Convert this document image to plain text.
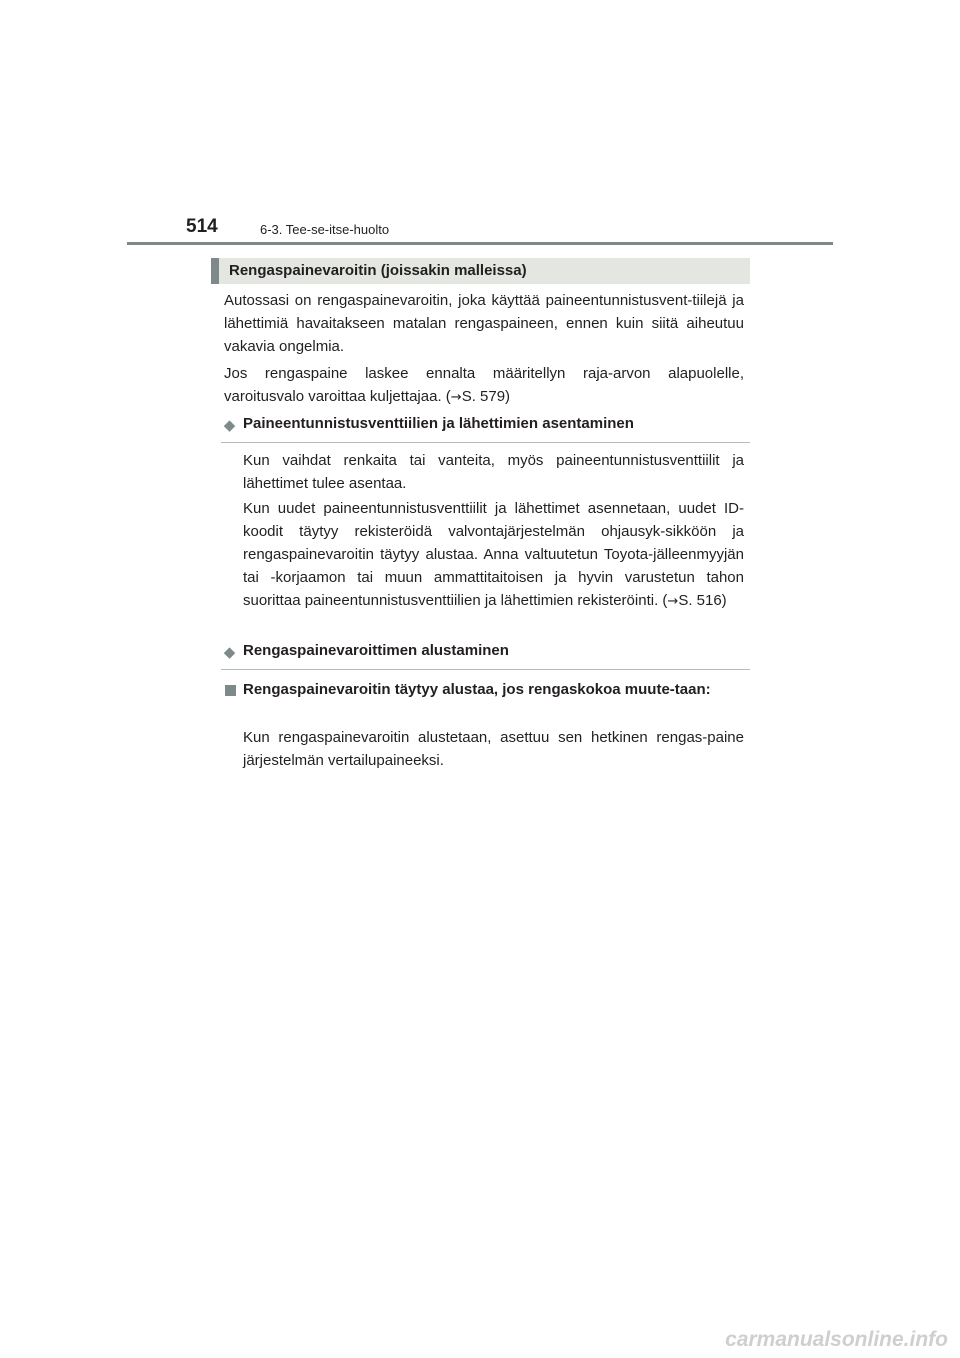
514	6-3. Tee-se-itse-huolto
Rengaspainevaroitin (joissakin malleissa)

Autossasi on rengaspainevaroitin, joka käyttää paineentunnistusvent-tiilejä ja lähettimiä havaitakseen matalan rengaspaineen, ennen kuin siitä aiheutuu vakavia ongelmia.

Jos rengaspaine laskee ennalta määritellyn raja-arvon alapuolelle, varoitusvalo varoittaa kuljettajaa. (→S. 579)

◆ Paineentunnistusventtiilien ja lähettimien asentaminen

Kun vaihdat renkaita tai vanteita, myös paineentunnistusventtiilit ja lähettimet tulee asentaa.

Kun uudet paineentunnistusventtiilit ja lähettimet asennetaan, uudet ID-koodit täytyy rekisteröidä valvontajärjestelmän ohjausyk-sikköön ja rengaspainevaroitin täytyy alustaa. Anna valtuutetun Toyota-jälleenmyyjän tai -korjaamon tai muun ammattitaitoisen ja hyvin varustetun tahon suorittaa paineentunnistusventtiilien ja lähettimien rekisteröinti. (→S. 516)

◆ Rengaspainevaroittimen alustaminen

Rengaspainevaroitin täytyy alustaa, jos rengaskokoa muute-taan:

Kun rengaspainevaroitin alustetaan, asettuu sen hetkinen rengas-paine järjestelmän vertailupaineeksi.

carmanualsonline.info
